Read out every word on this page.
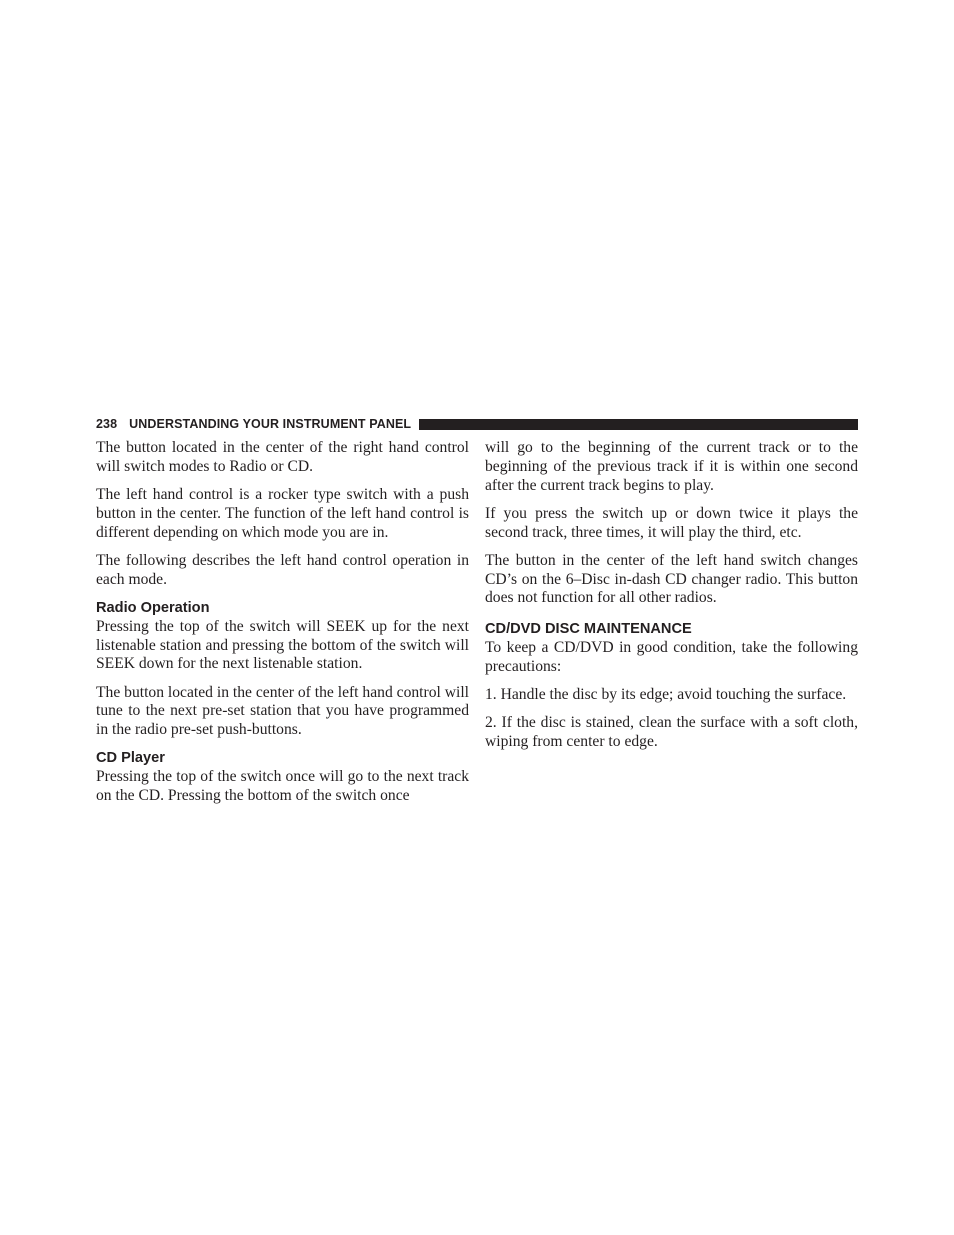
238 UNDERSTANDING YOUR INSTRUMENT PANEL

The button located in the center of the right hand control will switch modes to Radio or CD.

The left hand control is a rocker type switch with a push button in the center. The function of the left hand control is different depending on which mode you are in.

The following describes the left hand control operation in each mode.

Radio Operation

Pressing the top of the switch will SEEK up for the next listenable station and pressing the bottom of the switch will SEEK down for the next listenable station.

The button located in the center of the left hand control will tune to the next pre-set station that you have programmed in the radio pre-set push-buttons.

CD Player

Pressing the top of the switch once will go to the next track on the CD. Pressing the bottom of the switch once

will go to the beginning of the current track or to the beginning of the previous track if it is within one second after the current track begins to play.

If you press the switch up or down twice it plays the second track, three times, it will play the third, etc.

The button in the center of the left hand switch changes CD’s on the 6–Disc in-dash CD changer radio. This button does not function for all other radios.

CD/DVD DISC MAINTENANCE

To keep a CD/DVD in good condition, take the following precautions:

1. Handle the disc by its edge; avoid touching the surface.

2. If the disc is stained, clean the surface with a soft cloth, wiping from center to edge.
